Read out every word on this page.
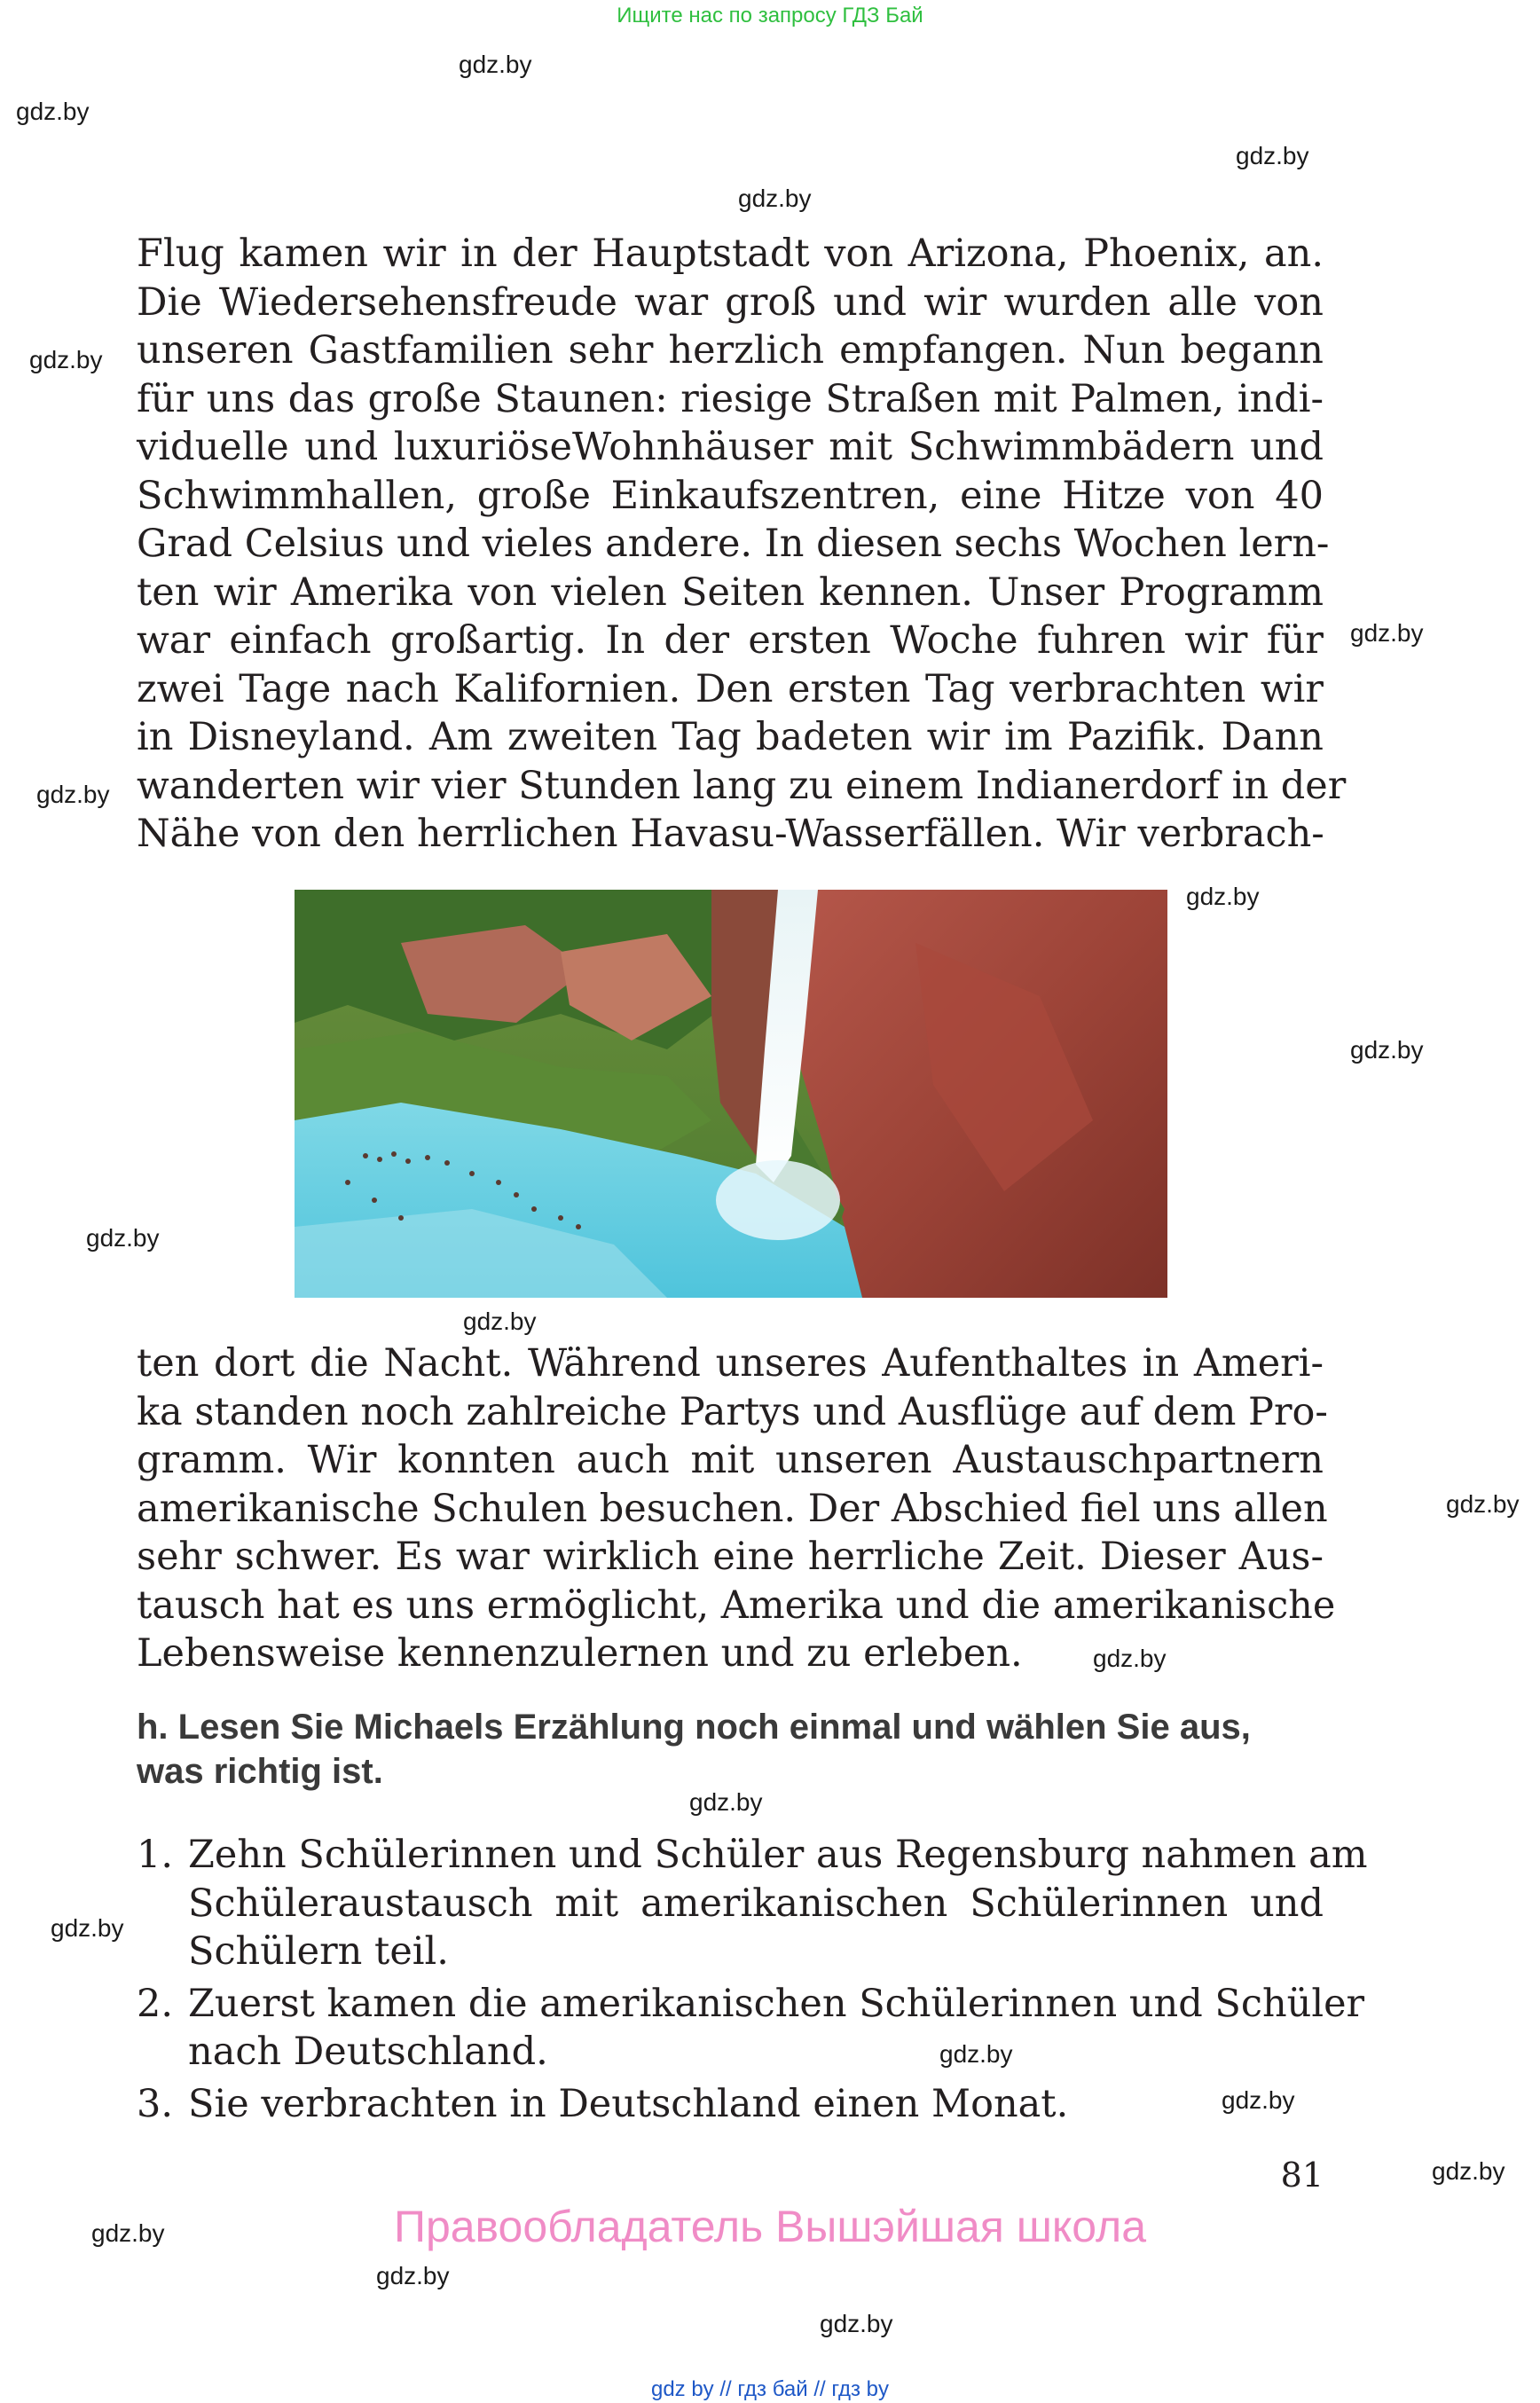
Ищите нас по запросу ГДЗ Бай
gdz.by
gdz.by
gdz.by
gdz.by
gdz.by
gdz.by
gdz.by
gdz.by
gdz.by
gdz.by
gdz.by
gdz.by
gdz.by
gdz.by
gdz.by
gdz.by
gdz.by
gdz.by
gdz.by
gdz.by
gdz.by
Flug kamen wir in der Hauptstadt von Arizona, Phoenix, an.
Die Wiedersehensfreude war groß und wir wurden alle von
unseren Gastfamilien sehr herzlich empfangen. Nun begann
für uns das große Staunen: riesige Straßen mit Palmen, indi-
viduelle und luxuriöseWohnhäuser mit Schwimmbädern und
Schwimmhallen, große Einkaufszentren, eine Hitze von 40
Grad Celsius und vieles andere. In diesen sechs Wochen lern-
ten wir Amerika von vielen Seiten kennen. Unser Programm
war einfach großartig. In der ersten Woche fuhren wir für
zwei Tage nach Kalifornien. Den ersten Tag verbrachten wir
in Disneyland. Am zweiten Tag badeten wir im Pazifik. Dann
wanderten wir vier Stunden lang zu einem Indianerdorf in der
Nähe von den herrlichen Havasu-Wasserfällen. Wir verbrach-
ten dort die Nacht. Während unseres Aufenthaltes in Ameri-
ka standen noch zahlreiche Partys und Ausflüge auf dem Pro-
gramm. Wir konnten auch mit unseren Austauschpartnern
amerikanische Schulen besuchen. Der Abschied fiel uns allen
sehr schwer. Es war wirklich eine herrliche Zeit. Dieser Aus-
tausch hat es uns ermöglicht, Amerika und die amerikanische
Lebensweise kennenzulernen und zu erleben.
h. Lesen Sie Michaels Erzählung noch einmal und wählen Sie aus,
was richtig ist.
1. Zehn Schülerinnen und Schüler aus Regensburg nahmen am
Schüleraustausch mit amerikanischen Schülerinnen und
Schülern teil.
2. Zuerst kamen die amerikanischen Schülerinnen und Schüler
nach Deutschland.
3. Sie verbrachten in Deutschland einen Monat.
81
Правообладатель Вышэйшая школа
gdz by // гдз бай // гдз by
